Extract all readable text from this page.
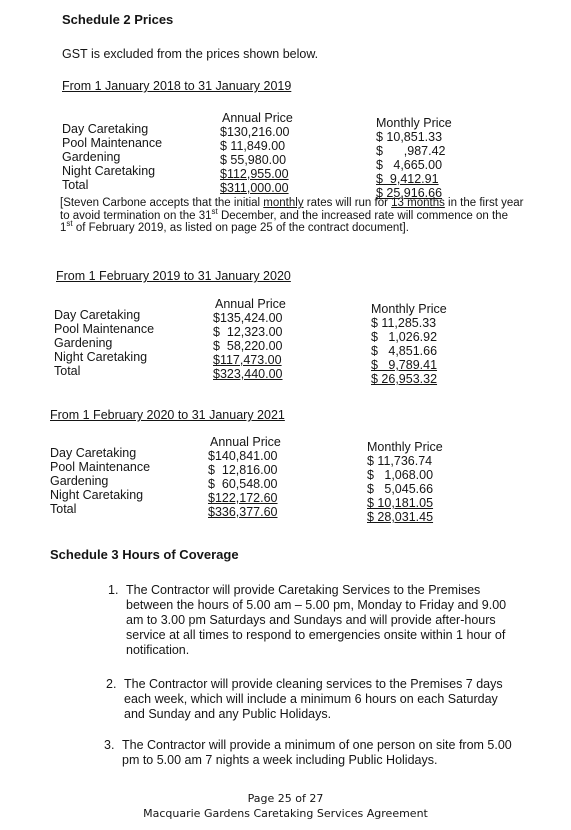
Schedule 2 Prices
GST is excluded from the prices shown below.
From 1 January 2018 to 31 January 2019
Day Caretaking
Pool Maintenance
Gardening
Night Caretaking
Total
Annual Price
$130,216.00
$ 11,849.00
$ 55,980.00
$112,955.00
$311,000.00
Monthly Price
$ 10,851.33
$      ,987.42
$   4,665.00
$  9,412.91
$ 25,916.66
[Steven Carbone accepts that the initial monthly rates will run for 13 months in the first year
to avoid termination on the 31st December, and the increased rate will commence on the
1st of February 2019, as listed on page 25 of the contract document].
From 1 February 2019 to 31 January 2020
Day Caretaking
Pool Maintenance
Gardening
Night Caretaking
Total
Annual Price
$135,424.00
$  12,323.00
$  58,220.00
$117,473.00
$323,440.00
Monthly Price
$ 11,285.33
$   1,026.92
$   4,851.66
$   9,789.41
$ 26,953.32
From 1 February 2020 to 31 January 2021
Day Caretaking
Pool Maintenance
Gardening
Night Caretaking
Total
Annual Price
$140,841.00
$  12,816.00
$  60,548.00
$122,172.60
$336,377.60
Monthly Price
$ 11,736.74
$   1,068.00
$   5,045.66
$ 10,181.05
$ 28,031.45
Schedule 3 Hours of Coverage
1. The Contractor will provide Caretaking Services to the Premises
between the hours of 5.00 am – 5.00 pm, Monday to Friday and 9.00
am to 3.00 pm Saturdays and Sundays and will provide after-hours
service at all times to respond to emergencies onsite within 1 hour of
notification.
2. The Contractor will provide cleaning services to the Premises 7 days
each week, which will include a minimum 6 hours on each Saturday
and Sunday and any Public Holidays.
3. The Contractor will provide a minimum of one person on site from 5.00
pm to 5.00 am 7 nights a week including Public Holidays.
Page 25 of 27
Macquarie Gardens Caretaking Services Agreement
